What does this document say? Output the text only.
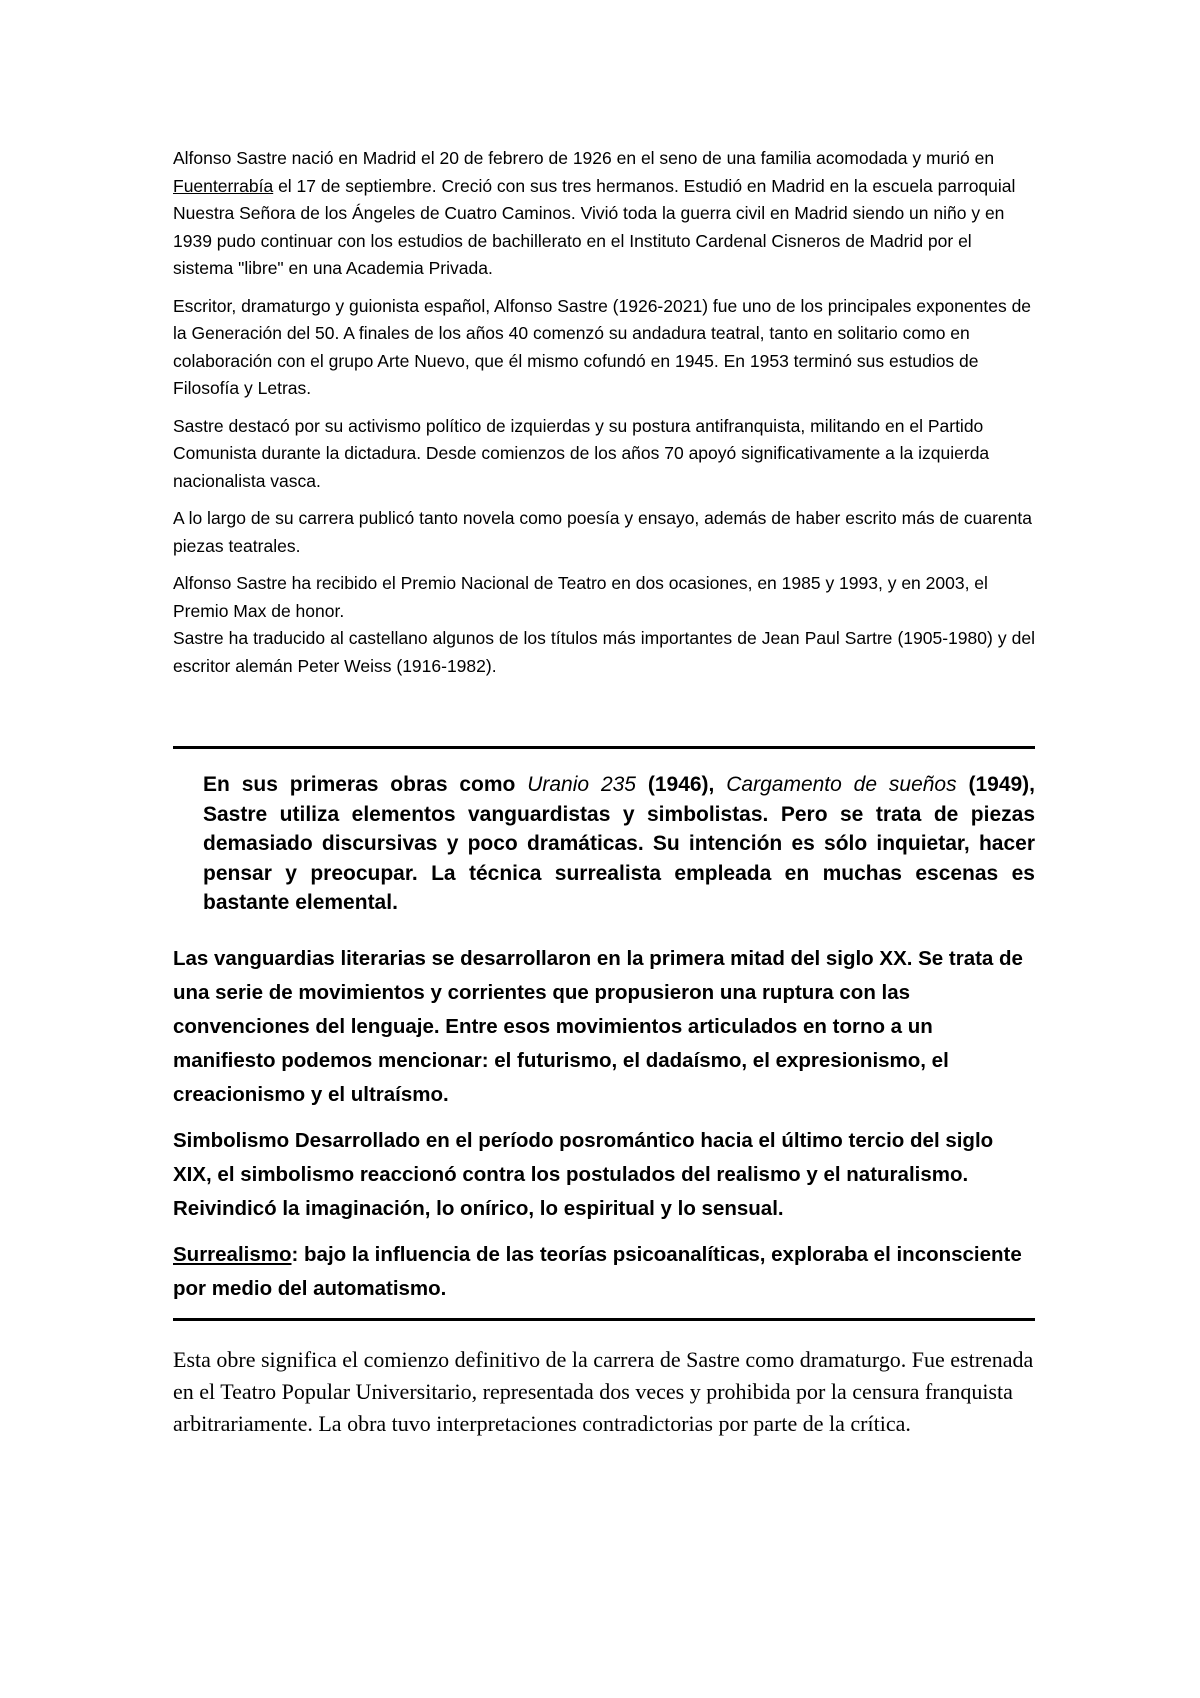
Alfonso Sastre nació en Madrid el 20 de febrero de 1926 en el seno de una familia acomodada y murió en Fuenterrabía el 17 de septiembre. Creció con sus tres hermanos. Estudió en Madrid en la escuela parroquial Nuestra Señora de los Ángeles de Cuatro Caminos. Vivió toda la guerra civil en Madrid siendo un niño y en 1939 pudo continuar con los estudios de bachillerato en el Instituto Cardenal Cisneros de Madrid por el sistema "libre" en una Academia Privada.

Escritor, dramaturgo y guionista español, Alfonso Sastre (1926-2021) fue uno de los principales exponentes de la Generación del 50. A finales de los años 40 comenzó su andadura teatral, tanto en solitario como en colaboración con el grupo Arte Nuevo, que él mismo cofundó en 1945. En 1953 terminó sus estudios de Filosofía y Letras.

Sastre destacó por su activismo político de izquierdas y su postura antifranquista, militando en el Partido Comunista durante la dictadura. Desde comienzos de los años 70 apoyó significativamente a la izquierda nacionalista vasca.

A lo largo de su carrera publicó tanto novela como poesía y ensayo, además de haber escrito más de cuarenta piezas teatrales.

Alfonso Sastre ha recibido el Premio Nacional de Teatro en dos ocasiones, en 1985 y 1993, y en 2003, el Premio Max de honor.

Sastre ha traducido al castellano algunos de los títulos más importantes de Jean Paul Sartre (1905-1980) y del escritor alemán Peter Weiss (1916-1982).

En sus primeras obras como Uranio 235 (1946), Cargamento de sueños (1949), Sastre utiliza elementos vanguardistas y simbolistas. Pero se trata de piezas demasiado discursivas y poco dramáticas. Su intención es sólo inquietar, hacer pensar y preocupar. La técnica surrealista empleada en muchas escenas es bastante elemental.

Las vanguardias literarias se desarrollaron en la primera mitad del siglo XX. Se trata de una serie de movimientos y corrientes que propusieron una ruptura con las convenciones del lenguaje. Entre esos movimientos articulados en torno a un manifiesto podemos mencionar: el futurismo, el dadaísmo, el expresionismo, el creacionismo y el ultraísmo.

Simbolismo Desarrollado en el período posromántico hacia el último tercio del siglo XIX, el simbolismo reaccionó contra los postulados del realismo y el naturalismo. Reivindicó la imaginación, lo onírico, lo espiritual y lo sensual.

Surrealismo: bajo la influencia de las teorías psicoanalíticas, exploraba el inconsciente por medio del automatismo.

Esta obre significa el comienzo definitivo de la carrera de Sastre como dramaturgo. Fue estrenada en el Teatro Popular Universitario, representada dos veces y prohibida por la censura franquista arbitrariamente. La obra tuvo interpretaciones contradictorias por parte de la crítica.
